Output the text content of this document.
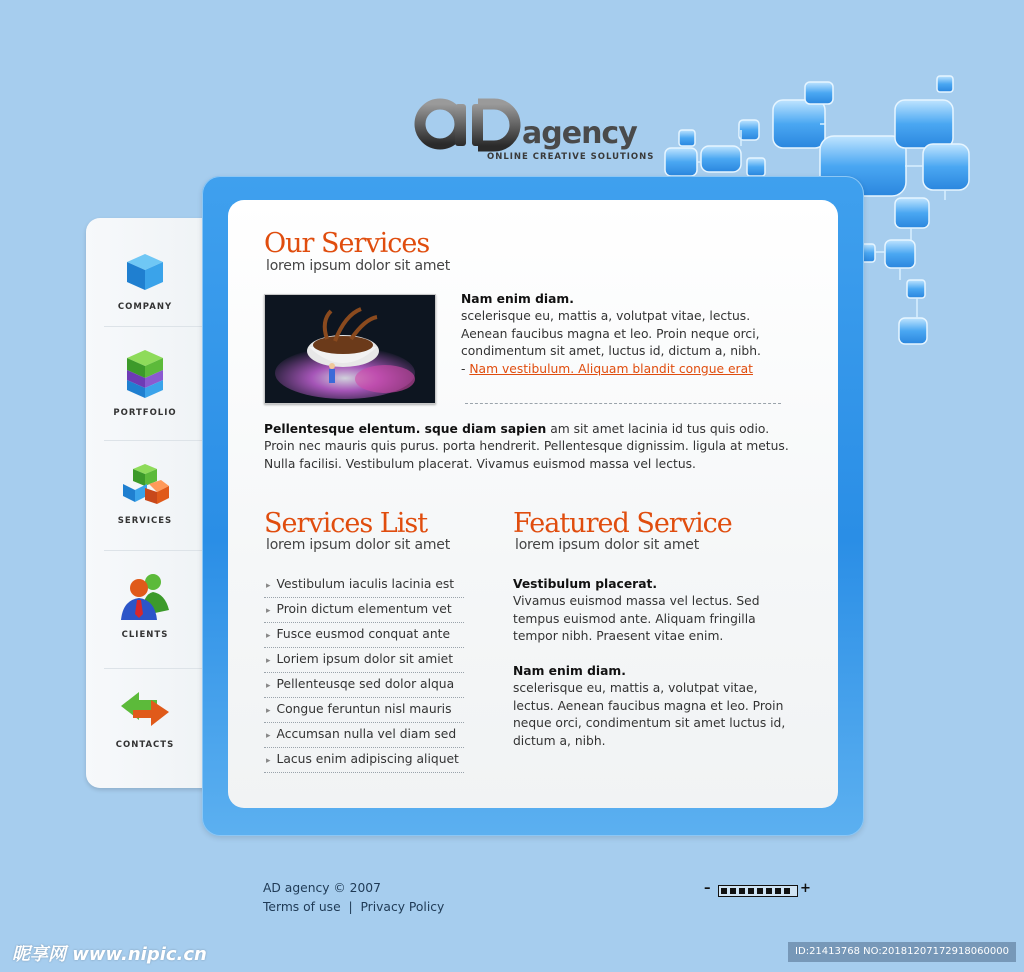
agency
ONLINE CREATIVE SOLUTIONS
COMPANY
PORTFOLIO
SERVICES
CLIENTS
CONTACTS
Our Services
lorem ipsum dolor sit amet
Nam enim diam.
scelerisque eu, mattis a, volutpat vitae, lectus. Aenean faucibus magna et leo. Proin neque orci, condimentum sit amet, luctus id, dictum a, nibh.
- Nam vestibulum. Aliquam blandit congue erat
Pellentesque elentum. sque diam sapien am sit amet lacinia id tus quis odio. Proin nec mauris quis purus. porta hendrerit. Pellentesque dignissim. ligula at metus. Nulla facilisi. Vestibulum placerat. Vivamus euismod massa vel lectus.
Services List
lorem ipsum dolor sit amet
▸ Vestibulum iaculis lacinia est
▸ Proin dictum elementum vet
▸ Fusce eusmod conquat ante
▸ Loriem ipsum dolor sit amiet
▸ Pellenteusqe sed dolor alqua
▸ Congue feruntun nisl mauris
▸ Accumsan nulla vel diam sed
▸ Lacus enim adipiscing aliquet
Featured Service
lorem ipsum dolor sit amet
Vestibulum placerat.
Vivamus euismod massa vel lectus. Sed tempus euismod ante. Aliquam fringilla tempor nibh. Praesent vitae enim.
Nam enim diam.
scelerisque eu, mattis a, volutpat vitae, lectus. Aenean faucibus magna et leo. Proin neque orci, condimentum sit amet luctus id, dictum a, nibh.
AD agency © 2007
Terms of use | Privacy Policy
–	+
昵享网 www.nipic.cn	ID:21413768 NO:20181207172918060000
